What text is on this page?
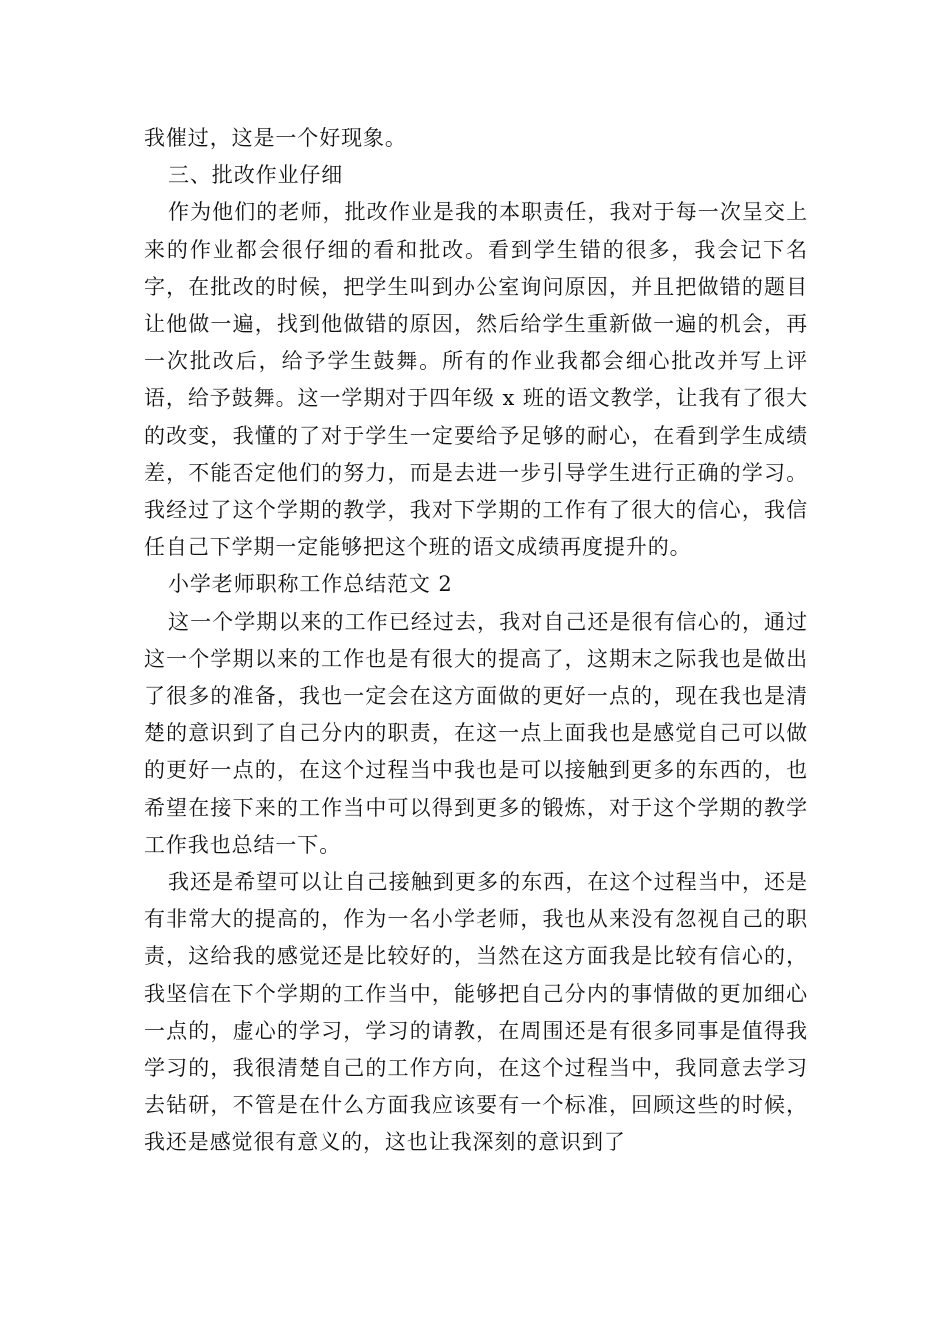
我催过，这是一个好现象。

三、批改作业仔细

作为他们的老师，批改作业是我的本职责任，我对于每一次呈交上来的作业都会很仔细的看和批改。看到学生错的很多，我会记下名字，在批改的时候，把学生叫到办公室询问原因，并且把做错的题目让他做一遍，找到他做错的原因，然后给学生重新做一遍的机会，再一次批改后，给予学生鼓舞。所有的作业我都会细心批改并写上评语，给予鼓舞。这一学期对于四年级 x 班的语文教学，让我有了很大的改变，我懂的了对于学生一定要给予足够的耐心，在看到学生成绩差，不能否定他们的努力，而是去进一步引导学生进行正确的学习。我经过了这个学期的教学，我对下学期的工作有了很大的信心，我信任自己下学期一定能够把这个班的语文成绩再度提升的。

小学老师职称工作总结范文 2

这一个学期以来的工作已经过去，我对自己还是很有信心的，通过这一个学期以来的工作也是有很大的提高了，这期末之际我也是做出了很多的准备，我也一定会在这方面做的更好一点的，现在我也是清楚的意识到了自己分内的职责，在这一点上面我也是感觉自己可以做的更好一点的，在这个过程当中我也是可以接触到更多的东西的，也希望在接下来的工作当中可以得到更多的锻炼，对于这个学期的教学工作我也总结一下。

我还是希望可以让自己接触到更多的东西，在这个过程当中，还是有非常大的提高的，作为一名小学老师，我也从来没有忽视自己的职责，这给我的感觉还是比较好的，当然在这方面我是比较有信心的，我坚信在下个学期的工作当中，能够把自己分内的事情做的更加细心一点的，虚心的学习，学习的请教，在周围还是有很多同事是值得我学习的，我很清楚自己的工作方向，在这个过程当中，我同意去学习去钻研，不管是在什么方面我应该要有一个标准，回顾这些的时候，我还是感觉很有意义的，这也让我深刻的意识到了
